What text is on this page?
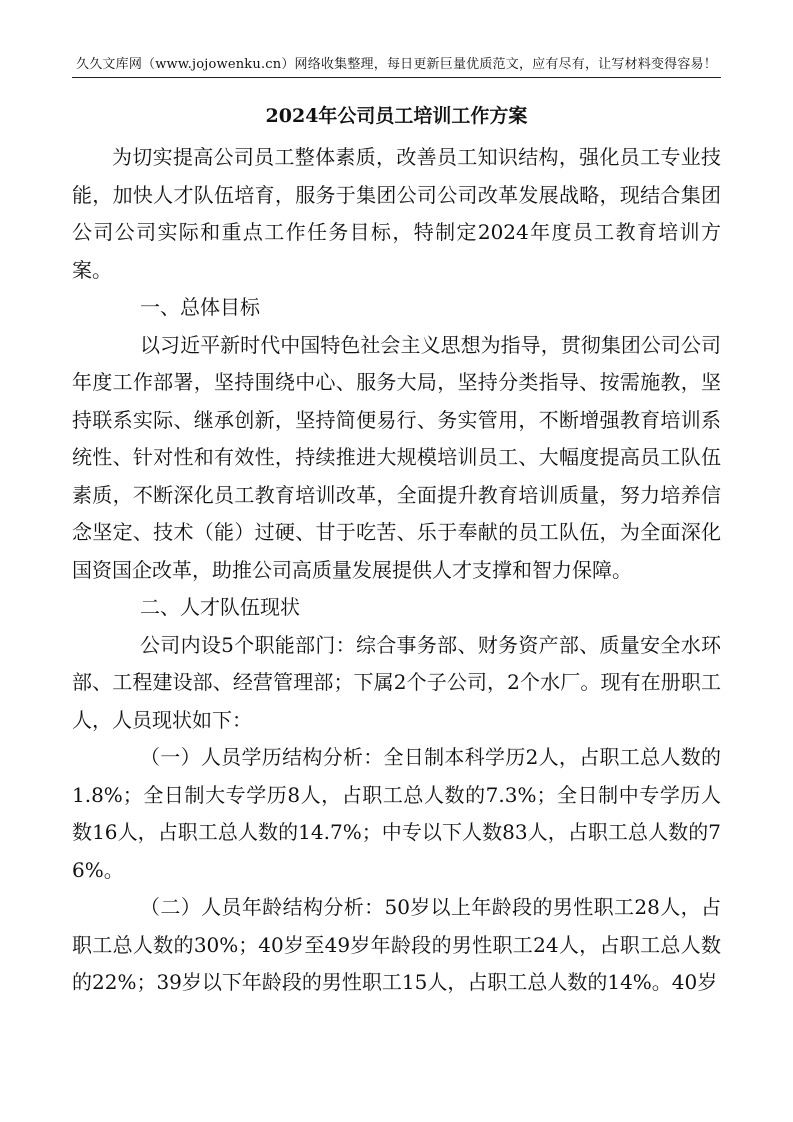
久久文库网（www.jojowenku.cn）网络收集整理，每日更新巨量优质范文，应有尽有，让写材料变得容易！
2024年公司员工培训工作方案

为切实提高公司员工整体素质，改善员工知识结构，强化员工专业技能，加快人才队伍培育，服务于集团公司公司改革发展战略，现结合集团公司公司实际和重点工作任务目标，特制定2024年度员工教育培训方案。

一、总体目标

以习近平新时代中国特色社会主义思想为指导，贯彻集团公司公司年度工作部署，坚持围绕中心、服务大局，坚持分类指导、按需施教，坚持联系实际、继承创新，坚持简便易行、务实管用，不断增强教育培训系统性、针对性和有效性，持续推进大规模培训员工、大幅度提高员工队伍素质，不断深化员工教育培训改革，全面提升教育培训质量，努力培养信念坚定、技术（能）过硬、甘于吃苦、乐于奉献的员工队伍，为全面深化国资国企改革，助推公司高质量发展提供人才支撑和智力保障。

二、人才队伍现状

公司内设5个职能部门：综合事务部、财务资产部、质量安全水环部、工程建设部、经营管理部；下属2个子公司，2个水厂。现有在册职工人，人员现状如下：

（一）人员学历结构分析：全日制本科学历2人，占职工总人数的1.8%；全日制大专学历8人，占职工总人数的7.3%；全日制中专学历人数16人，占职工总人数的14.7%；中专以下人数83人，占职工总人数的76%。

（二）人员年龄结构分析：50岁以上年龄段的男性职工28人，占职工总人数的30%；40岁至49岁年龄段的男性职工24人，占职工总人数的22%；39岁以下年龄段的男性职工15人，占职工总人数的14%。40岁
